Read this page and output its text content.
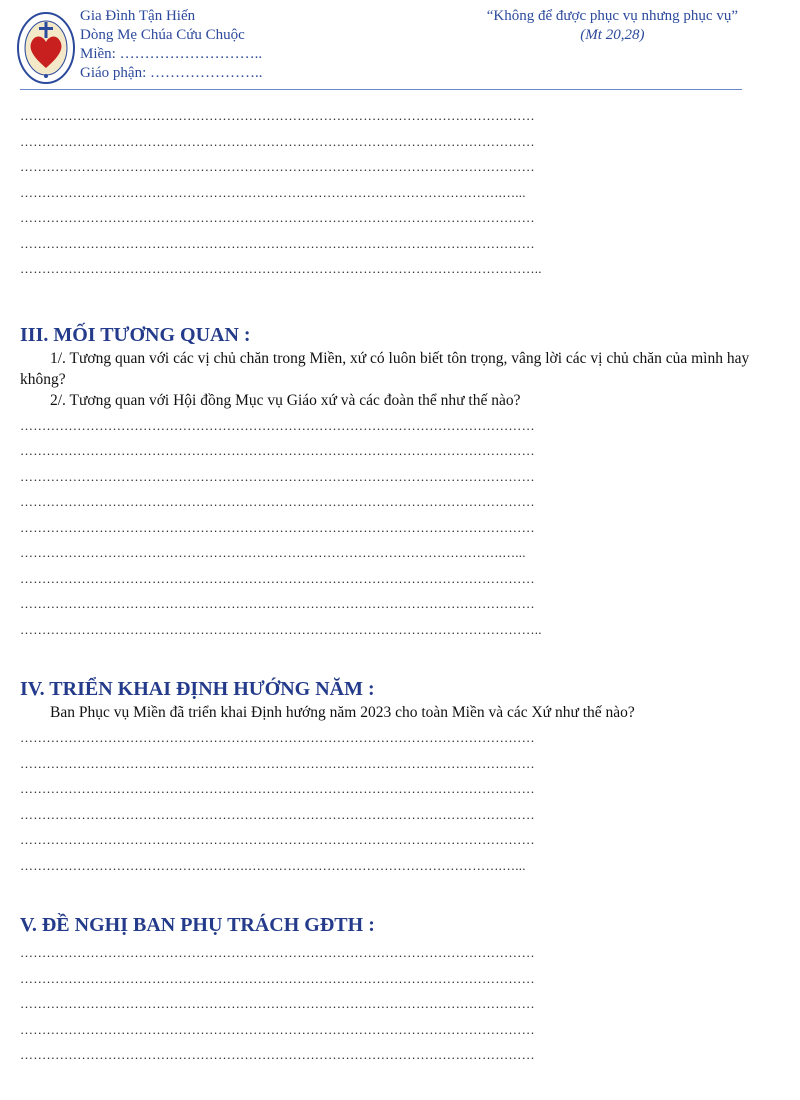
Gia Đình Tận Hiến
Dòng Mẹ Chúa Cứu Chuộc
Miền: ………………………..
Giáo phận: …………………..
“Không để được phục vụ nhưng phục vụ”
(Mt 20,28)
………………………………………………………………………………………………………
………………………………………………………………………………………………………
………………………………………………………………………………………………………
…………………………………………….………………………………………………….…...
………………………………………………………………………………………………………
………………………………………………………………………………………………………
………………………………………………………………………………………………………..
III. MỐI TƯƠNG QUAN :

1/. Tương quan với các vị chủ chăn trong Miền, xứ có luôn biết tôn trọng, vâng lời các vị chủ chăn của mình hay không?

2/. Tương quan với Hội đồng Mục vụ Giáo xứ và các đoàn thể như thế nào?

………………………………………………………………………………………………………
………………………………………………………………………………………………………
………………………………………………………………………………………………………
………………………………………………………………………………………………………
………………………………………………………………………………………………………
…………………………………………….………………………………………………….…...
………………………………………………………………………………………………………
………………………………………………………………………………………………………
………………………………………………………………………………………………………..
IV. TRIỂN KHAI ĐỊNH HƯỚNG NĂM :

Ban Phục vụ Miền đã triển khai Định hướng năm 2023 cho toàn Miền và các Xứ như thế nào?

………………………………………………………………………………………………………
………………………………………………………………………………………………………
………………………………………………………………………………………………………
………………………………………………………………………………………………………
………………………………………………………………………………………………………
…………………………………………….………………………………………………….…...
V. ĐỀ NGHỊ BAN PHỤ TRÁCH GĐTH :
………………………………………………………………………………………………………
………………………………………………………………………………………………………
………………………………………………………………………………………………………
………………………………………………………………………………………………………
………………………………………………………………………………………………………
